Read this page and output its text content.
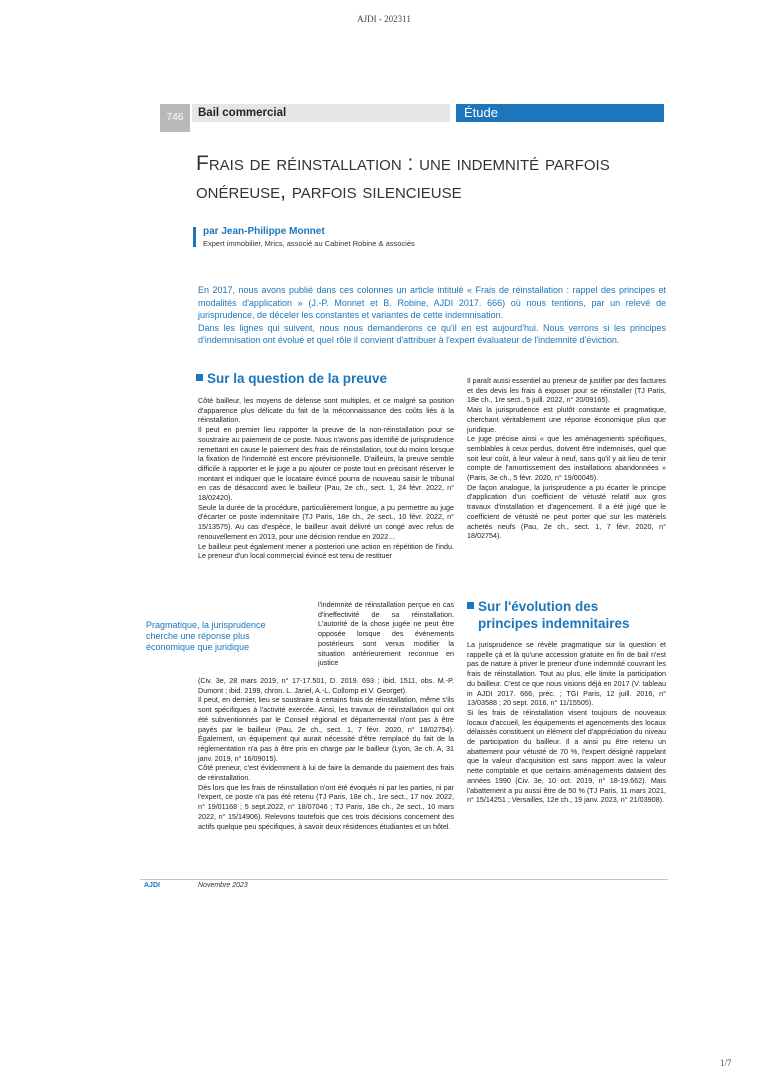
AJDI - 202311
746	Bail commercial	Étude
Frais de réinstallation : une indemnité parfois
onéreuse, parfois silencieuse
par Jean-Philippe Monnet
Expert immobilier, Mrics, associé au Cabinet Robine & associés

En 2017, nous avons publié dans ces colonnes un article intitulé « Frais de réinstallation : rappel des principes et modalités d'application » (J.-P. Monnet et B. Robine, AJDI 2017. 666) où nous tentions, par un relevé de jurisprudence, de déceler les constantes et variantes de cette indemnisation.

Dans les lignes qui suivent, nous nous demanderons ce qu'il en est aujourd'hui. Nous verrons si les principes d'indemnisation ont évolué et quel rôle il convient d'attribuer à l'expert évaluateur de l'indemnité d'éviction.

Sur la question de la preuve

Côté bailleur, les moyens de défense sont multiples, et ce malgré sa position d'apparence plus délicate du fait de la méconnaissance des coûts liés à la réinstallation.

Il peut en premier lieu rapporter la preuve de la non-réinstallation pour se soustraire au paiement de ce poste. Nous n'avons pas identifié de jurisprudence remettant en cause le paiement des frais de réinstallation, tout du moins lorsque la fixation de l'indemnité est encore prévisionnelle. D'ailleurs, la preuve semble difficile à rapporter et le juge a pu ajouter ce poste tout en précisant réserver le montant et indiquer que le locataire évincé pourra de nouveau saisir le tribunal en cas de désaccord avec le bailleur (Pau, 2e ch., sect. 1, 24 févr. 2022, n° 18/02420).

Seule la durée de la procédure, particulièrement longue, a pu permettre au juge d'écarter ce poste indemnitaire (TJ Paris, 18e ch., 2e sect., 10 févr. 2022, n° 15/13575). Au cas d'espèce, le bailleur avait délivré un congé avec refus de renouvellement en 2013, pour une décision rendue en 2022…

Le bailleur peut également mener a posteriori une action en répétition de l'indu. Le preneur d'un local commercial évincé est tenu de restituer

Pragmatique, la jurisprudence cherche une réponse plus économique que juridique
l'indemnité de réinstallation perçue en cas d'ineffectivité de sa réinstallation. L'autorité de la chose jugée ne peut être opposée lorsque des événements postérieurs sont venus modifier la situation antérieurement reconnue en justice

(Civ. 3e, 28 mars 2019, n° 17-17.501, D. 2019. 693 ; ibid. 1511, obs. M.-P. Dumont ; ibid. 2199, chron. L. Jariel, A.-L. Collomp et V. Georget).

Il peut, en dernier, lieu se soustraire à certains frais de réinstallation, même s'ils sont spécifiques à l'activité exercée. Ainsi, les travaux de réinstallation qui ont été subventionnés par le Conseil régional et départemental n'ont pas à être payés par le bailleur (Pau, 2e ch., sect. 1, 7 févr. 2020, n° 18/02754). Également, un équipement qui aurait nécessité d'être remplacé du fait de la réglementation n'a pas à être pris en charge par le bailleur (Lyon, 3e ch. A, 31 janv. 2019, n° 16/09015).

Côté preneur, c'est évidemment à lui de faire la demande du paiement des frais de réinstallation.

Dès lors que les frais de réinstallation n'ont été évoqués ni par les parties, ni par l'expert, ce poste n'a pas été retenu (TJ Paris, 18e ch., 1re sect., 17 nov. 2022, n° 19/01168 ; 5 sept.2022, n° 18/07046 ; TJ Paris, 18e ch., 2e sect., 10 mars 2022, n° 15/14906). Relevons toutefois que ces trois décisions concernent des actifs quelque peu spécifiques, à savoir deux résidences étudiantes et un hôtel.

Il paraît aussi essentiel au preneur de justifier par des factures et des devis les frais à exposer pour se réinstaller (TJ Paris, 18e ch., 1re sect., 5 juill. 2022, n° 20/09165).

Mais la jurisprudence est plutôt constante et pragmatique, cherchant véritablement une réponse économique plus que juridique.

Le juge précise ainsi « que les aménagements spécifiques, semblables à ceux perdus, doivent être indemnisés, quel que soit leur coût, à leur valeur à neuf, sans qu'il y ait lieu de tenir compte de l'amortissement des installations abandonnées » (Paris, 3e ch., 5 févr. 2020, n° 19/00045).

De façon analogue, la jurisprudence a pu écarter le principe d'application d'un coefficient de vétusté relatif aux gros travaux d'installation et d'agencement. Il a été jugé que le coefficient de vétusté ne peut porter que sur les matériels achetés neufs (Pau, 2e ch., sect. 1, 7 févr. 2020, n° 18/02754).

Sur l'évolution des
principes indemnitaires

La jurisprudence se révèle pragmatique sur la question et rappelle çà et là qu'une accession gratuite en fin de bail n'est pas de nature à priver le preneur d'une indemnité couvrant les frais de réinstallation. Tout au plus, elle limite la participation du bailleur. C'est ce que nous visions déjà en 2017 (V. tableau in AJDI 2017. 666, préc. ; TGI Paris, 12 juill. 2016, n° 13/03588 ; 20 sept. 2016, n° 11/15505).

Si les frais de réinstallation visent toujours de nouveaux locaux d'accueil, les équipements et agencements des locaux délaissés constituent un élément clef d'appréciation du niveau de participation du bailleur. Il a ainsi pu être retenu un abattement pour vétusté de 70 %, l'expert désigné rappelant que la valeur d'acquisition est sans rapport avec la valeur nette comptable et que certains aménagements dataient des années 1990 (Civ. 3e, 10 oct. 2019, n° 18-19.662). Mais l'abattement a pu aussi être de 50 % (TJ Paris, 11 mars 2021, n° 15/14251 ; Versailles, 12e ch., 19 janv. 2023, n° 21/03908).

AJDI	Novembre 2023
1/7
